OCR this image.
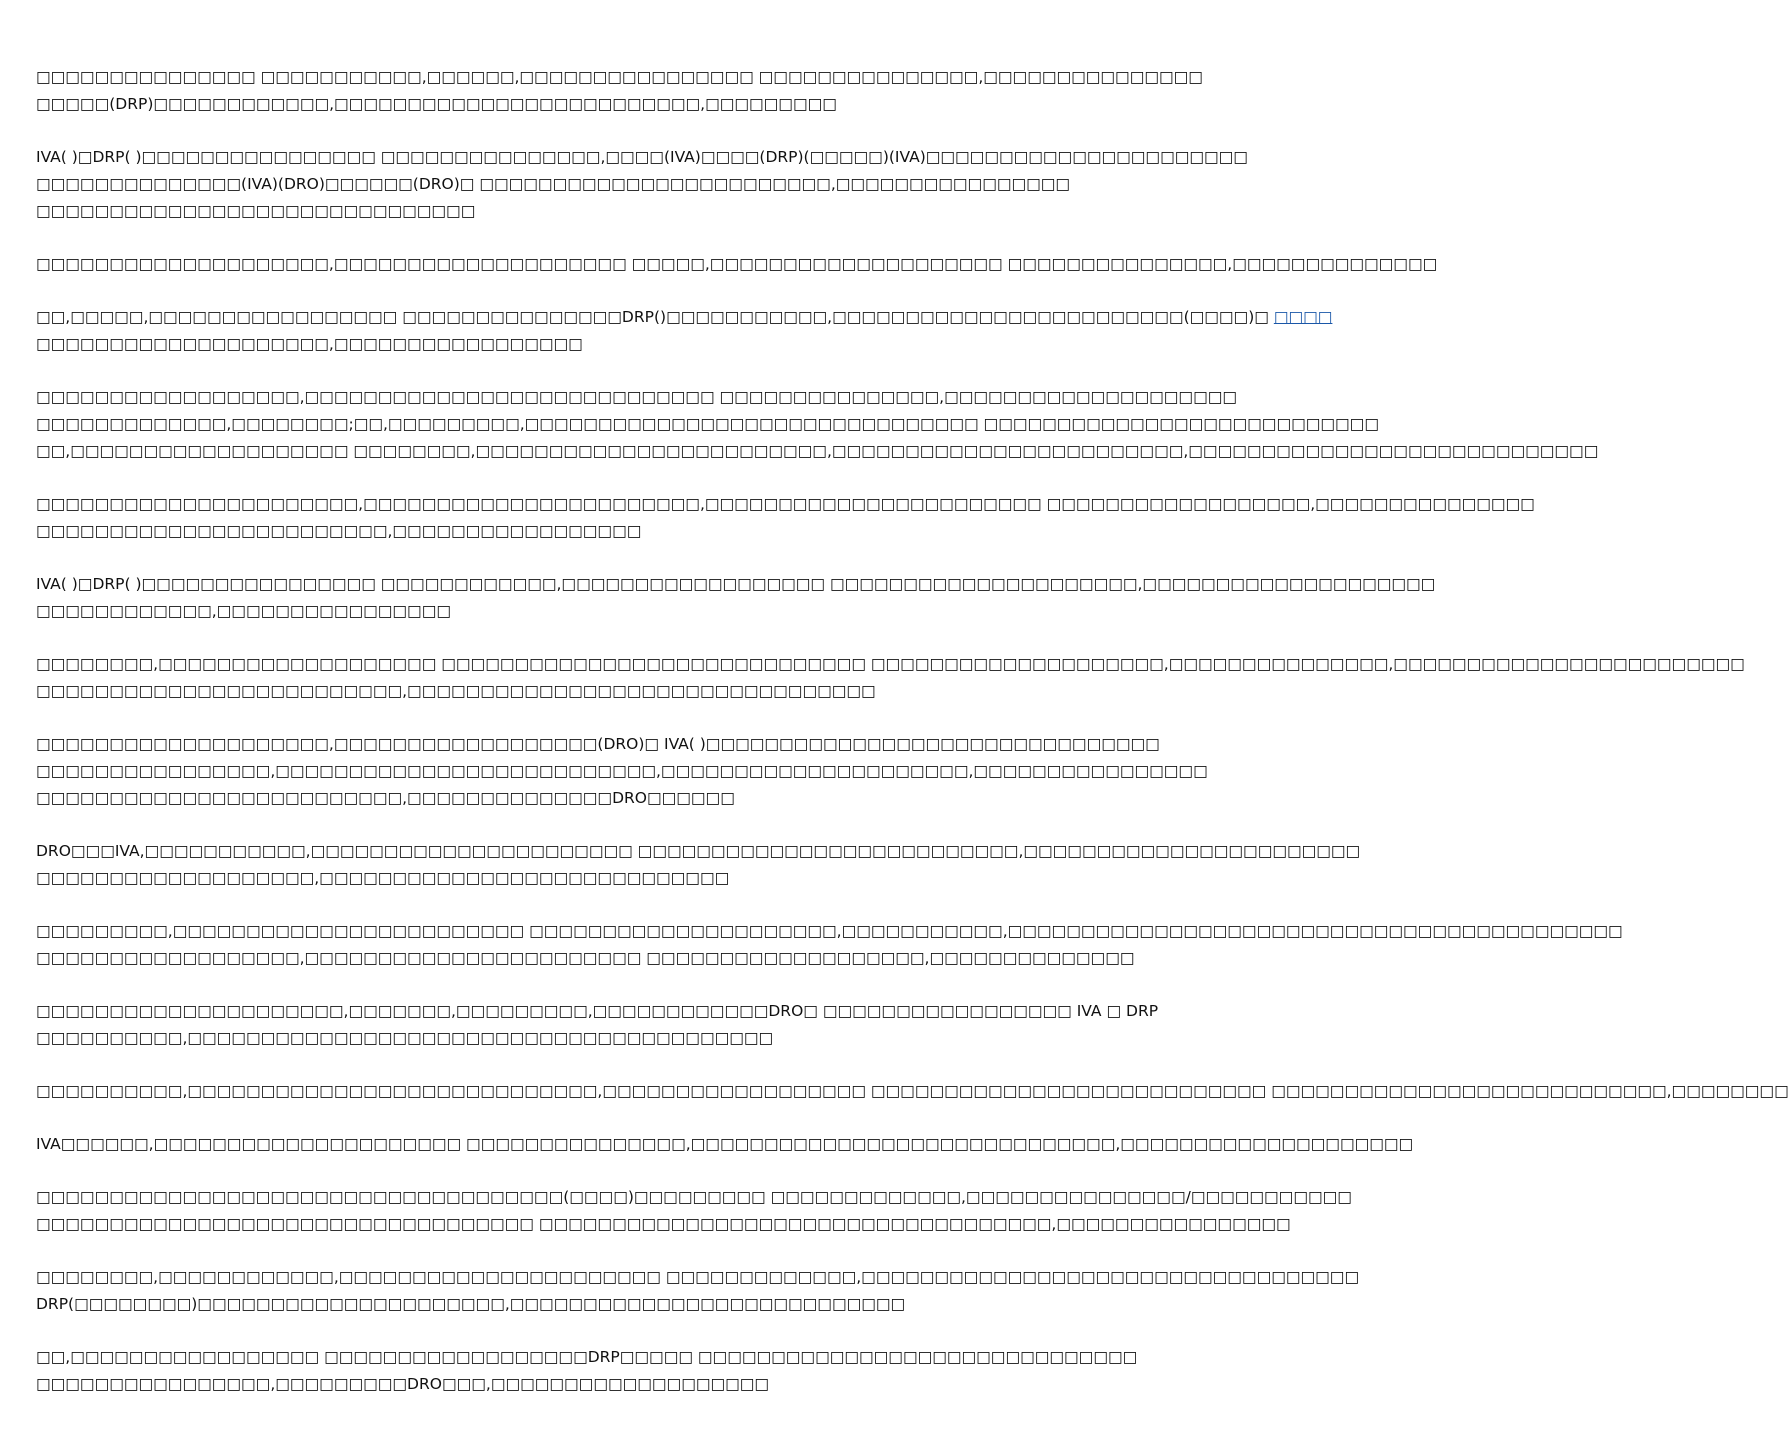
□□□□□□□□□□□□□□□ □□□□□□□□□□□,□□□□□□,□□□□□□□□□□□□□□□□ □□□□□□□□□□□□□□□,□□□□□□□□□□□□□□□
□□□□□(DRP)□□□□□□□□□□□□,□□□□□□□□□□□□□□□□□□□□□□□□□,□□□□□□□□□
IVA( )□DRP( )□□□□□□□□□□□□□□□□ □□□□□□□□□□□□□□□,□□□□(IVA)□□□□(DRP)(□□□□□)(IVA)□□□□□□□□□□□□□□□□□□□□□□
□□□□□□□□□□□□□□(IVA)(DRO)□□□□□□(DRO)□ □□□□□□□□□□□□□□□□□□□□□□□□,□□□□□□□□□□□□□□□□
□□□□□□□□□□□□□□□□□□□□□□□□□□□□□□
□□□□□□□□□□□□□□□□□□□□,□□□□□□□□□□□□□□□□□□□□ □□□□□,□□□□□□□□□□□□□□□□□□□□ □□□□□□□□□□□□□□□,□□□□□□□□□□□□□□
□□,□□□□□,□□□□□□□□□□□□□□□□□ □□□□□□□□□□□□□□□DRP()□□□□□□□□□□□,□□□□□□□□□□□□□□□□□□□□□□□□(□□□□)□ □□□□
□□□□□□□□□□□□□□□□□□□□,□□□□□□□□□□□□□□□□□
□□□□□□□□□□□□□□□□□□,□□□□□□□□□□□□□□□□□□□□□□□□□□□□ □□□□□□□□□□□□□□□,□□□□□□□□□□□□□□□□□□□□
□□□□□□□□□□□□□,□□□□□□□□;□□,□□□□□□□□□,□□□□□□□□□□□□□□□□□□□□□□□□□□□□□□□ □□□□□□□□□□□□□□□□□□□□□□□□□□□
□□,□□□□□□□□□□□□□□□□□□□ □□□□□□□□,□□□□□□□□□□□□□□□□□□□□□□□□,□□□□□□□□□□□□□□□□□□□□□□□□,□□□□□□□□□□□□□□□□□□□□□□□□□□□□
□□□□□□□□□□□□□□□□□□□□□□,□□□□□□□□□□□□□□□□□□□□□□□,□□□□□□□□□□□□□□□□□□□□□□□ □□□□□□□□□□□□□□□□□□,□□□□□□□□□□□□□□□
□□□□□□□□□□□□□□□□□□□□□□□□,□□□□□□□□□□□□□□□□□
IVA( )□DRP( )□□□□□□□□□□□□□□□□ □□□□□□□□□□□□,□□□□□□□□□□□□□□□□□□ □□□□□□□□□□□□□□□□□□□□□,□□□□□□□□□□□□□□□□□□□□
□□□□□□□□□□□□,□□□□□□□□□□□□□□□□
□□□□□□□□,□□□□□□□□□□□□□□□□□□□ □□□□□□□□□□□□□□□□□□□□□□□□□□□□□ □□□□□□□□□□□□□□□□□□□□,□□□□□□□□□□□□□□□,□□□□□□□□□□□□□□□□□□□□□□□□
□□□□□□□□□□□□□□□□□□□□□□□□□,□□□□□□□□□□□□□□□□□□□□□□□□□□□□□□□□
□□□□□□□□□□□□□□□□□□□□,□□□□□□□□□□□□□□□□□□(DRO)□ IVA( )□□□□□□□□□□□□□□□□□□□□□□□□□□□□□□□
□□□□□□□□□□□□□□□□,□□□□□□□□□□□□□□□□□□□□□□□□□□,□□□□□□□□□□□□□□□□□□□□□,□□□□□□□□□□□□□□□□
□□□□□□□□□□□□□□□□□□□□□□□□□,□□□□□□□□□□□□□□DRO□□□□□□
DRO□□□IVA,□□□□□□□□□□□,□□□□□□□□□□□□□□□□□□□□□□ □□□□□□□□□□□□□□□□□□□□□□□□□□,□□□□□□□□□□□□□□□□□□□□□□□
□□□□□□□□□□□□□□□□□□□,□□□□□□□□□□□□□□□□□□□□□□□□□□□□
□□□□□□□□□,□□□□□□□□□□□□□□□□□□□□□□□□ □□□□□□□□□□□□□□□□□□□□□,□□□□□□□□□□□,□□□□□□□□□□□□□□□□□□□□□□□□□□□□□□□□□□□□□□□□□□
□□□□□□□□□□□□□□□□□□,□□□□□□□□□□□□□□□□□□□□□□□ □□□□□□□□□□□□□□□□□□□,□□□□□□□□□□□□□□
□□□□□□□□□□□□□□□□□□□□□,□□□□□□□,□□□□□□□□□,□□□□□□□□□□□□DRO□ □□□□□□□□□□□□□□□□□ IVA □ DRP
□□□□□□□□□□,□□□□□□□□□□□□□□□□□□□□□□□□□□□□□□□□□□□□□□□□
□□□□□□□□□□,□□□□□□□□□□□□□□□□□□□□□□□□□□□□,□□□□□□□□□□□□□□□□□□ □□□□□□□□□□□□□□□□□□□□□□□□□□□ □□□□□□□□□□□□□□□□□□□□□□□□□□□,□□□□□□□□
IVA□□□□□□,□□□□□□□□□□□□□□□□□□□□□ □□□□□□□□□□□□□□□,□□□□□□□□□□□□□□□□□□□□□□□□□□□□□,□□□□□□□□□□□□□□□□□□□□
□□□□□□□□□□□□□□□□□□□□□□□□□□□□□□□□□□□□(□□□□)□□□□□□□□□ □□□□□□□□□□□□□,□□□□□□□□□□□□□□□/□□□□□□□□□□□
□□□□□□□□□□□□□□□□□□□□□□□□□□□□□□□□□□ □□□□□□□□□□□□□□□□□□□□□□□□□□□□□□□□□□□,□□□□□□□□□□□□□□□□
□□□□□□□□,□□□□□□□□□□□□,□□□□□□□□□□□□□□□□□□□□□□ □□□□□□□□□□□□□,□□□□□□□□□□□□□□□□□□□□□□□□□□□□□□□□□□
DRP(□□□□□□□□)□□□□□□□□□□□□□□□□□□□□□,□□□□□□□□□□□□□□□□□□□□□□□□□□□
□□,□□□□□□□□□□□□□□□□□ □□□□□□□□□□□□□□□□□□DRP□□□□□ □□□□□□□□□□□□□□□□□□□□□□□□□□□□□□
□□□□□□□□□□□□□□□□,□□□□□□□□□DRO□□□,□□□□□□□□□□□□□□□□□□□
